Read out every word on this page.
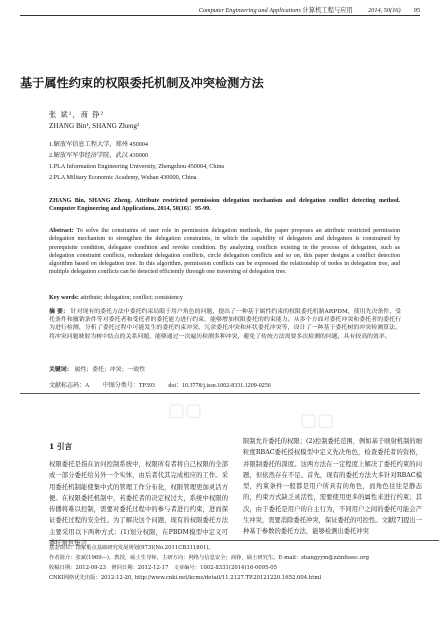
Computer Engineering and Applications 计算机工程与应用 2014, 50(16) 95
基于属性约束的权限委托机制及冲突检测方法
张 斌¹，商 铮²
ZHANG Bin¹, SHANG Zheng²
1.解放军信息工程大学，郑州 450004
2.解放军军事经济学院，武汉 430000
1.PLA Information Engineering University, Zhengzhou 450004, China
2.PLA Military Economic Academy, Wuhan 430000, China
ZHANG Bin, SHANG Zheng. Attribute restricted permission delegation mechanism and delegation conflict detecting method. Computer Engineering and Applications, 2014, 50(16)：95-99.
Abstract: To solve the constraints of user role in permission delegation methods, the paper proposes an attribute restricted permission delegation mechanism to strengthen the delegation constraints, in which the capability of delegators and delegatees is constrained by prerequisite condition, delegatee condition and revoke condition. By analyzing conflicts existing in the process of delegation, such as delegation constraint conflicts, redundant delegation conflicts, circle delegation conflicts and so on, this paper designs a conflict detection algorithm based on delegation tree. In this algorithm, permission conflicts can be expressed the relationship of nodes in delegation tree, and multiple delegation conflicts can be detected efficiently through one traversing of delegation tree.
Key words: attribute; delegation; conflict; consistency
摘 要： 针对现有的委托方法中委托约束局限于用户角色的问题，提出了一种基于属性约束的权限委托机制ARPDM，使用先决条件、受托条件和撤销条件等对委托者和受托者的委托能力进行约束，能够增加权限委托的约束能力。从多个方面对委托冲突和委托者的委托行为进行检测，分析了委托过程中可能发生的委托约束冲突、冗余委托冲突和环状委托冲突等，设计了一种基于委托树的冲突检测算法，将冲突问题映射为树中结点的关系问题，能够通过一次遍历检测多种冲突，避免了传统方法需要多次检测的问题，具有较高的效率。
关键词： 属性；委托；冲突；一致性
文献标志码：A 中图分类号：TP393 doi：10.3778/j.issn.1002-8331.1209-0256
▢▢	▢▢
1 引言
权限委托是指在访问控制系统中，权限所有者将自己权限的全部或一部分委托给另外一个实体，由后者代其完成相应的工作。采用委托机制能使集中式的管理工作分布化，权限管理更加灵活方便。在权限委托机制中，若委托者的决定权过大，系统中权限的传播将难以控制，需要对委托过程中的参与者进行约束，进而保证委托过程的安全性。为了解决这个问题，现有的权限委托方法主要采用以下两种方式：(1)划分权限，在PBDM模型中定义可委托角色集合，
限制允许委托的权限；(2)控制委托范围，例如基于映射机制的细粒度RBAC委托授权模型中定义先决角色，检查委托者的资格，并限制委托的深度。这两方法在一定程度上解决了委托约束的问题，但依然存在不足。首先，现有的委托方法大多针对RBAC模型，约束条件一般都是用户所具有的角色，而角色往往是静态的，约束方式缺乏灵活性，需要使用更多的属性来进行约束；其次，由于委托是用户的自主行为，不同用户之间的委托可能会产生冲突，需要消除委托冲突，保证委托的可控性。文献[7]提出一种基于参数的委托方法，能够检测出委托冲突
基金项目：国家重点基础研究发展规划(973)(No.2011CB311801)。
作者简介：张斌(1969—)，教授，硕士生导师，主研方向：网络与信息安全；商铮，硕士研究生。E-mail：zhangyym@zzinfosec.org
收稿日期：2012-09-23　修回日期：2012-12-17　文章编号：1002-8331(2014)16-0095-05
CNKI网络优先出版：2012-12-20, http://www.cnki.net/kcms/detail/11.2127.TP.20121220.1652.004.html
